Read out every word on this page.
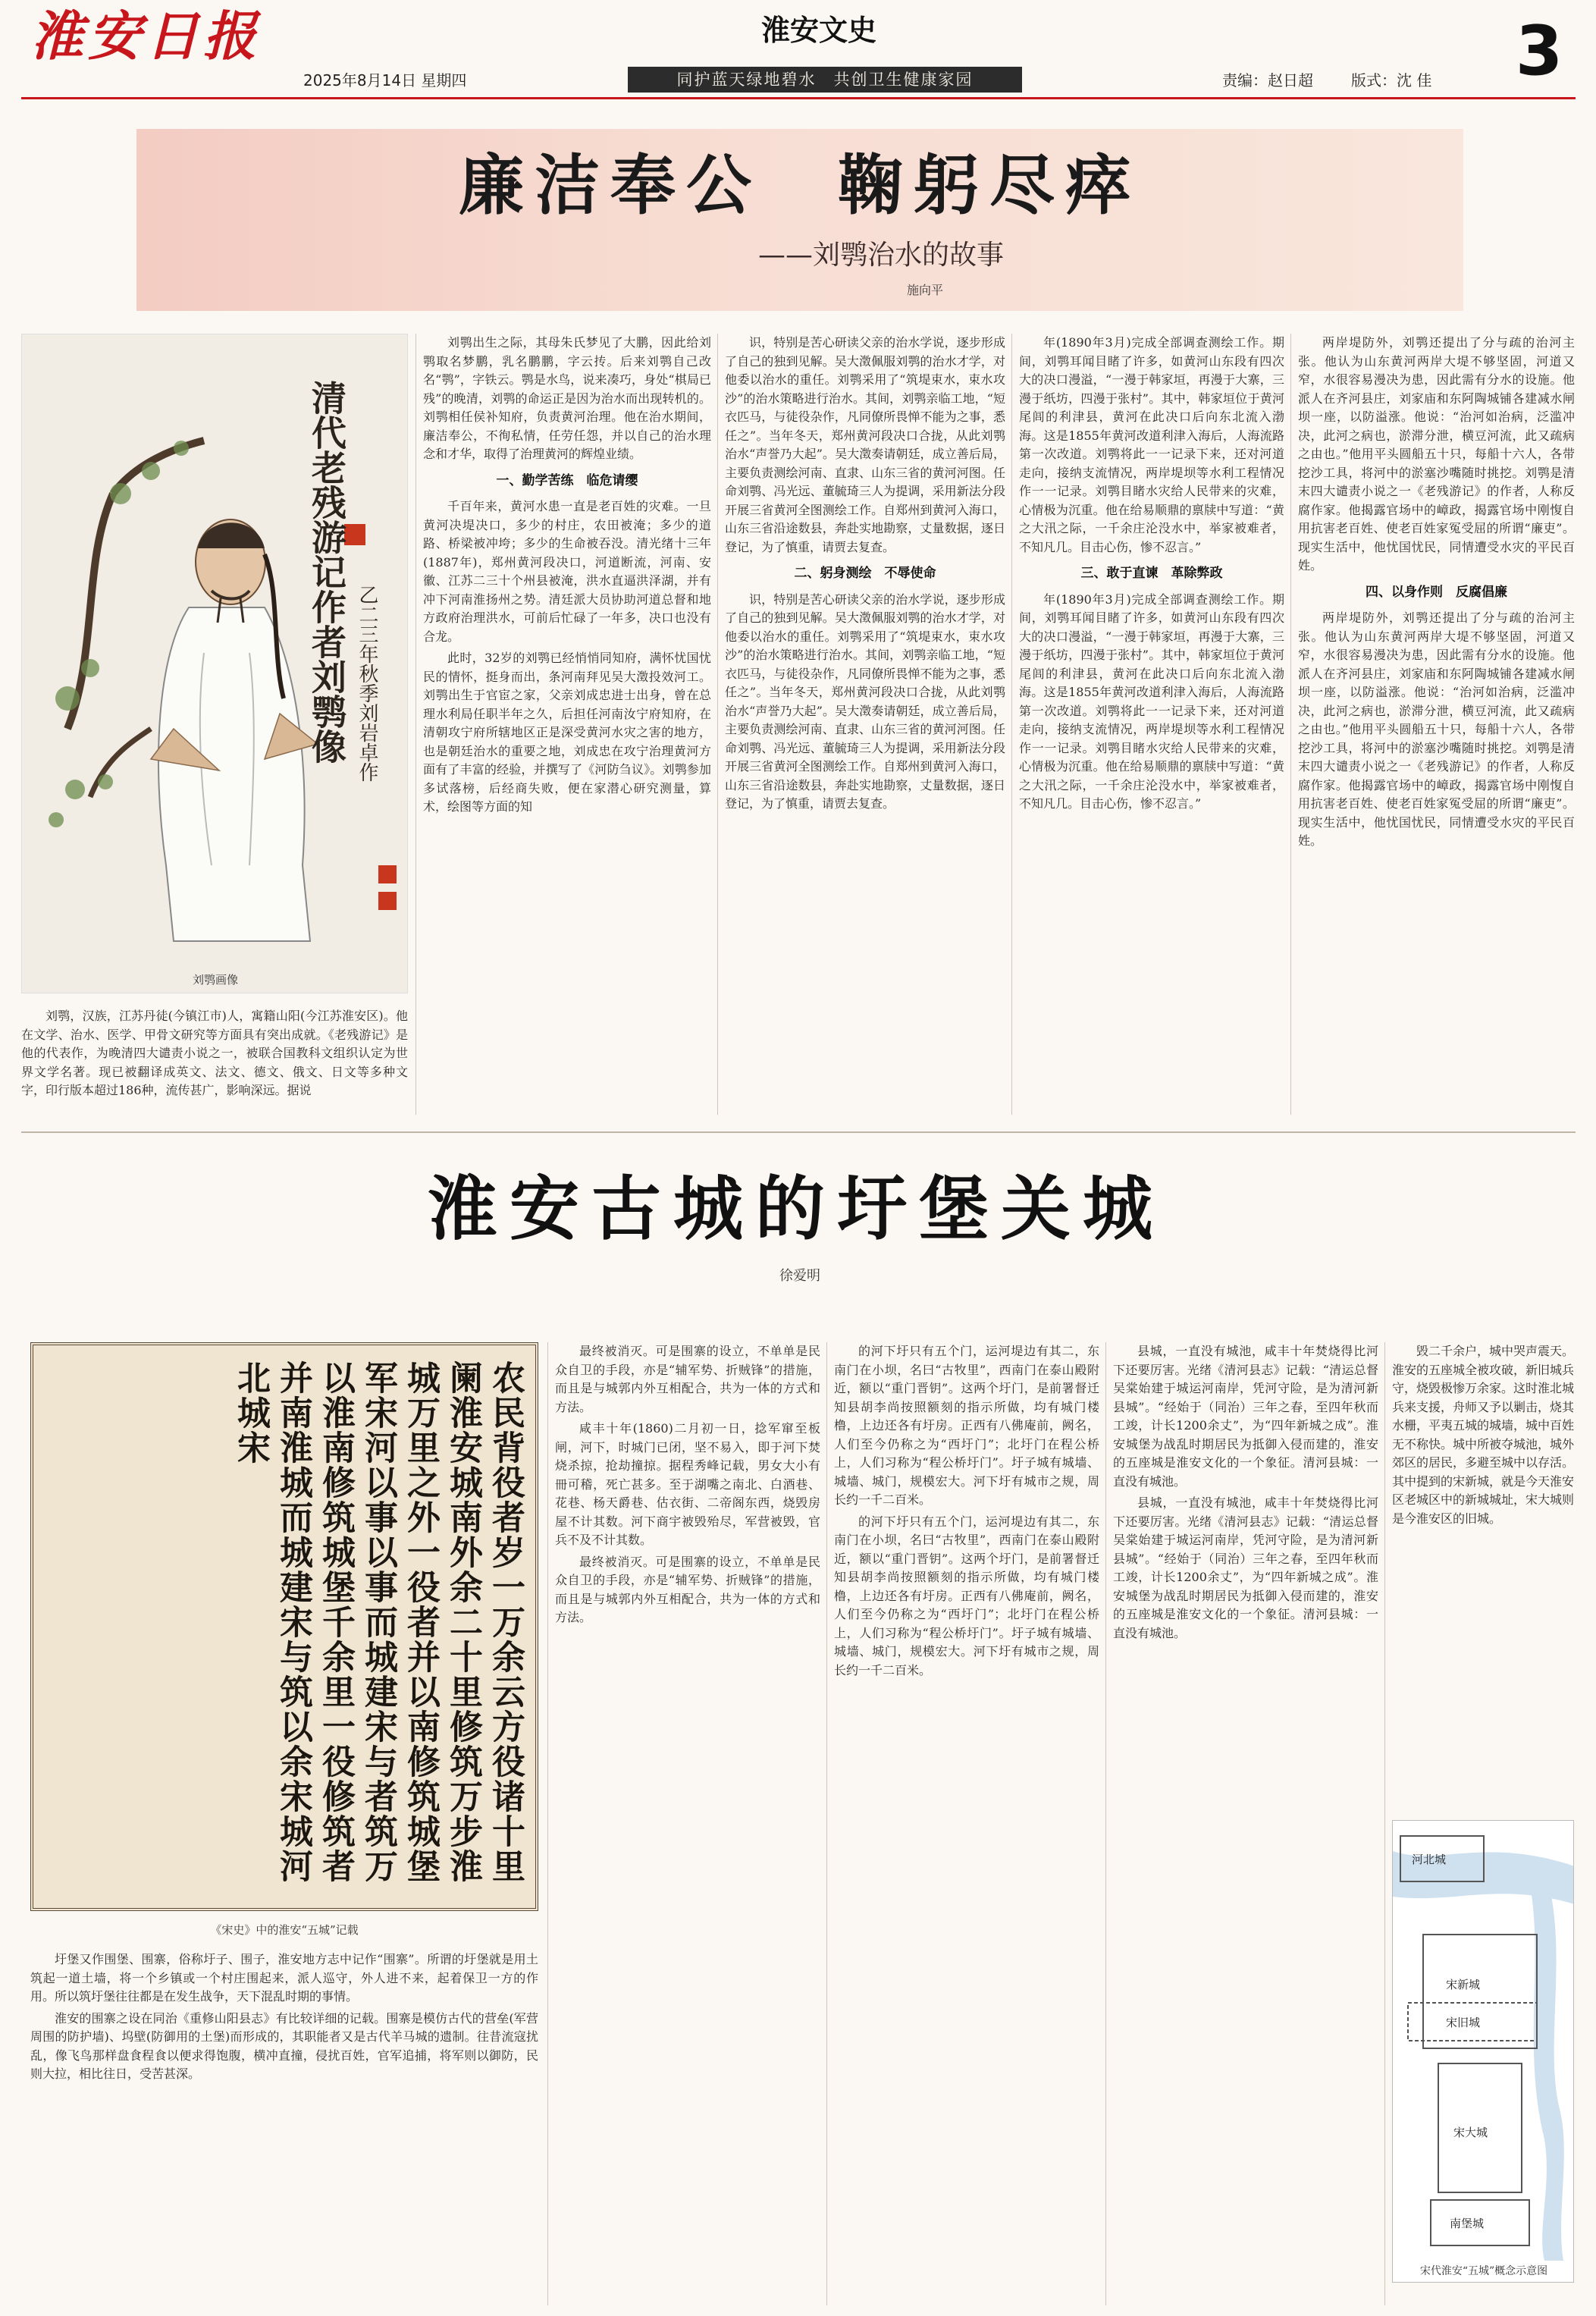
淮安日报
2025年8月14日 星期四
淮安文史
同护蓝天绿地碧水　共创卫生健康家园	责编：赵日超	版式：沈 佳	3
廉洁奉公　鞠躬尽瘁
——刘鹗治水的故事
施向平
清代老残游记作者刘鹗像 乙二三年秋季刘岩卓作
刘鹗画像

刘鹗，汉族，江苏丹徒(今镇江市)人，寓籍山阳(今江苏淮安区)。他在文学、治水、医学、甲骨文研究等方面具有突出成就。《老残游记》是他的代表作，为晚清四大谴责小说之一，被联合国教科文组织认定为世界文学名著。现已被翻译成英文、法文、德文、俄文、日文等多种文字，印行版本超过186种，流传甚广，影响深远。据说

刘鹗出生之际，其母朱氏梦见了大鹏，因此给刘鹗取名梦鹏，乳名鹏鹏，字云抟。后来刘鹗自己改名“鹗”，字铁云。鹗是水鸟，说来凑巧，身处“棋局已残”的晚清，刘鹗的命运正是因为治水而出现转机的。刘鹗相任侯补知府，负责黄河治理。他在治水期间，廉洁奉公，不徇私情，任劳任怨，并以自己的治水理念和才华，取得了治理黄河的辉煌业绩。

一、勤学苦练　临危请缨

千百年来，黄河水患一直是老百姓的灾难。一旦黄河决堤决口，多少的村庄，农田被淹；多少的道路、桥梁被冲垮；多少的生命被吞没。清光绪十三年(1887年)，郑州黄河段决口，河道断流，河南、安徽、江苏二三十个州县被淹，洪水直逼洪泽湖，并有冲下河南淮扬州之势。清廷派大员协助河道总督和地方政府治理洪水，可前后忙碌了一年多，决口也没有合龙。

此时，32岁的刘鹗已经悄悄同知府，满怀忧国忧民的情怀，挺身而出，条河南拜见吴大澂投效河工。刘鹗出生于官宦之家，父亲刘成忠进士出身，曾在总理水利局任职半年之久，后担任河南汝宁府知府，在清朝攻宁府所辖地区正是深受黄河水灾之害的地方，也是朝廷治水的重要之地，刘成忠在攻宁治理黄河方面有了丰富的经验，并撰写了《河防刍议》。刘鹗参加多试落榜，后经商失败，便在家潜心研究测量，算术，绘图等方面的知

识，特别是苦心研读父亲的治水学说，逐步形成了自己的独到见解。吴大澂佩服刘鹗的治水才学，对他委以治水的重任。刘鹗采用了“筑堤束水，束水攻沙”的治水策略进行治水。其间，刘鹗亲临工地，“短衣匹马，与徒役杂作，凡同僚所畏惮不能为之事，悉任之”。当年冬天，郑州黄河段决口合拢，从此刘鹗治水“声誉乃大起”。吴大澂奏请朝廷，成立善后局，主要负责测绘河南、直隶、山东三省的黄河河图。任命刘鹗、冯光远、董毓琦三人为提调，采用新法分段开展三省黄河全图测绘工作。自郑州到黄河入海口，山东三省沿途数县，奔赴实地勘察，丈量数据，逐日登记，为了慎重，请贾去复查。

二、躬身测绘　不辱使命

识，特别是苦心研读父亲的治水学说，逐步形成了自己的独到见解。吴大澂佩服刘鹗的治水才学，对他委以治水的重任。刘鹗采用了“筑堤束水，束水攻沙”的治水策略进行治水。其间，刘鹗亲临工地，“短衣匹马，与徒役杂作，凡同僚所畏惮不能为之事，悉任之”。当年冬天，郑州黄河段决口合拢，从此刘鹗治水“声誉乃大起”。吴大澂奏请朝廷，成立善后局，主要负责测绘河南、直隶、山东三省的黄河河图。任命刘鹗、冯光远、董毓琦三人为提调，采用新法分段开展三省黄河全图测绘工作。自郑州到黄河入海口，山东三省沿途数县，奔赴实地勘察，丈量数据，逐日登记，为了慎重，请贾去复查。

年(1890年3月)完成全部调查测绘工作。期间，刘鹗耳闻目睹了许多，如黄河山东段有四次大的决口漫溢，“一漫于韩家垣，再漫于大寨，三漫于纸坊，四漫于张村”。其中，韩家垣位于黄河尾闾的利津县，黄河在此决口后向东北流入渤海。这是1855年黄河改道利津入海后，人海流路第一次改道。刘鹗将此一一记录下来，还对河道走向，接纳支流情况，两岸堤坝等水利工程情况作一一记录。刘鹗目睹水灾给人民带来的灾难，心情极为沉重。他在给易顺鼎的禀牍中写道：“黄之大汛之际，一千余庄沦没水中，举家被难者，不知凡几。目击心伤，惨不忍言。”

三、敢于直谏　革除弊政

年(1890年3月)完成全部调查测绘工作。期间，刘鹗耳闻目睹了许多，如黄河山东段有四次大的决口漫溢，“一漫于韩家垣，再漫于大寨，三漫于纸坊，四漫于张村”。其中，韩家垣位于黄河尾闾的利津县，黄河在此决口后向东北流入渤海。这是1855年黄河改道利津入海后，人海流路第一次改道。刘鹗将此一一记录下来，还对河道走向，接纳支流情况，两岸堤坝等水利工程情况作一一记录。刘鹗目睹水灾给人民带来的灾难，心情极为沉重。他在给易顺鼎的禀牍中写道：“黄之大汛之际，一千余庄沦没水中，举家被难者，不知凡几。目击心伤，惨不忍言。”

两岸堤防外，刘鹗还提出了分与疏的治河主张。他认为山东黄河两岸大堤不够坚固，河道又窄，水很容易漫决为患，因此需有分水的设施。他派人在齐河县庄，刘家庙和东阿陶城铺各建减水闸坝一座，以防溢涨。他说：“治河如治病，泛滥冲决，此河之病也，淤滞分泄，横豆河流，此又疏病之由也。”他用平头圆船五十只，每船十六人，各带挖沙工具，将河中的淤塞沙嘴随时挑挖。刘鹗是清末四大谴责小说之一《老残游记》的作者，人称反腐作家。他揭露官场中的嶂政，揭露官场中刚愎自用抗害老百姓、使老百姓家冤受屈的所谓“廉吏”。现实生活中，他忧国忧民，同情遭受水灾的平民百姓。

四、以身作则　反腐倡廉

两岸堤防外，刘鹗还提出了分与疏的治河主张。他认为山东黄河两岸大堤不够坚固，河道又窄，水很容易漫决为患，因此需有分水的设施。他派人在齐河县庄，刘家庙和东阿陶城铺各建减水闸坝一座，以防溢涨。他说：“治河如治病，泛滥冲决，此河之病也，淤滞分泄，横豆河流，此又疏病之由也。”他用平头圆船五十只，每船十六人，各带挖沙工具，将河中的淤塞沙嘴随时挑挖。刘鹗是清末四大谴责小说之一《老残游记》的作者，人称反腐作家。他揭露官场中的嶂政，揭露官场中刚愎自用抗害老百姓、使老百姓家冤受屈的所谓“廉吏”。现实生活中，他忧国忧民，同情遭受水灾的平民百姓。

淮安古城的圩堡关城
徐爱明
农民背役者岁一万余云方役诸十里阑淮安城南外余二十里修筑万步淮城万里之外一役者并以南修筑城堡军宋河以事以事而城建宋与者筑万以淮南修筑城堡千余里一役修筑者并南淮城而城建宋与筑以余宋城河北城宋
《宋史》中的淮安“五城”记载

圩堡又作围堡、围寨，俗称圩子、围子，淮安地方志中记作“围寨”。所谓的圩堡就是用土筑起一道土墙，将一个乡镇或一个村庄围起来，派人巡守，外人进不来，起着保卫一方的作用。所以筑圩堡往往都是在发生战争，天下混乱时期的事情。

淮安的围寨之设在同治《重修山阳县志》有比较详细的记载。围寨是模仿古代的营垒(军营周围的防护墙)、坞壁(防御用的土堡)而形成的，其职能者又是古代羊马城的遗制。往昔流寇扰乱，像飞鸟那样盘食程食以便求得饱腹，横冲直撞，侵扰百姓，官军追捕，将军则以御防，民则大拉，相比往日，受苦甚深。

最终被消灭。可是围寨的设立，不单单是民众自卫的手段，亦是“辅军势、折贼锋”的措施，而且是与城郭内外互相配合，共为一体的方式和方法。

咸丰十年(1860)二月初一日，捻军窜至板闸，河下，时城门已闭，坚不易入，即于河下焚烧杀掠，抢劫撞掠。据程秀峰记载，男女大小有冊可稽，死亡甚多。至于湖嘴之南北、白酒巷、花巷、杨天爵巷、估衣街、二帝阁东西，烧毁房屋不计其数。河下商宇被毁殆尽，军营被毁，官兵不及不计其数。

最终被消灭。可是围寨的设立，不单单是民众自卫的手段，亦是“辅军势、折贼锋”的措施，而且是与城郭内外互相配合，共为一体的方式和方法。

的河下圩只有五个门，运河堤边有其二，东南门在小坝，名曰“古牧里”，西南门在泰山殿附近，额以“重门晋钥”。这两个圩门，是前署督迁知县胡李尚按照额刻的指示所做，均有城门楼橹，上边还各有圩房。正西有八佛庵前，阙名，人们至今仍称之为“西圩门”；北圩门在程公桥上，人们习称为“程公桥圩门”。圩子城有城墙、城墙、城门，规模宏大。河下圩有城市之规，周长约一千二百米。

的河下圩只有五个门，运河堤边有其二，东南门在小坝，名曰“古牧里”，西南门在泰山殿附近，额以“重门晋钥”。这两个圩门，是前署督迁知县胡李尚按照额刻的指示所做，均有城门楼橹，上边还各有圩房。正西有八佛庵前，阙名，人们至今仍称之为“西圩门”；北圩门在程公桥上，人们习称为“程公桥圩门”。圩子城有城墙、城墙、城门，规模宏大。河下圩有城市之规，周长约一千二百米。

县城，一直没有城池，咸丰十年焚烧得比河下还要厉害。光绪《清河县志》记载：“清运总督吴棠始建于城运河南岸，凭河守险，是为清河新县城”。“经始于（同治）三年之春，至四年秋而工竣，计长1200余丈”，为“四年新城之成”。淮安城堡为战乱时期居民为抵御入侵而建的，淮安的五座城是淮安文化的一个象征。清河县城：一直没有城池。

县城，一直没有城池，咸丰十年焚烧得比河下还要厉害。光绪《清河县志》记载：“清运总督吴棠始建于城运河南岸，凭河守险，是为清河新县城”。“经始于（同治）三年之春，至四年秋而工竣，计长1200余丈”，为“四年新城之成”。淮安城堡为战乱时期居民为抵御入侵而建的，淮安的五座城是淮安文化的一个象征。清河县城：一直没有城池。

毁二千余户，城中哭声震天。淮安的五座城全被攻破，新旧城兵守，烧毁极惨万余家。这时淮北城兵来支援，舟师又予以剿击，烧其水栅，平夷五城的城墙，城中百姓无不称快。城中所被夺城池，城外郊区的居民，多避至城中以存活。其中提到的宋新城，就是今天淮安区老城区中的新城城址，宋大城则是今淮安区的旧城。

河北城
宋新城
宋旧城
宋大城
南堡城
宋代淮安“五城”概念示意图
